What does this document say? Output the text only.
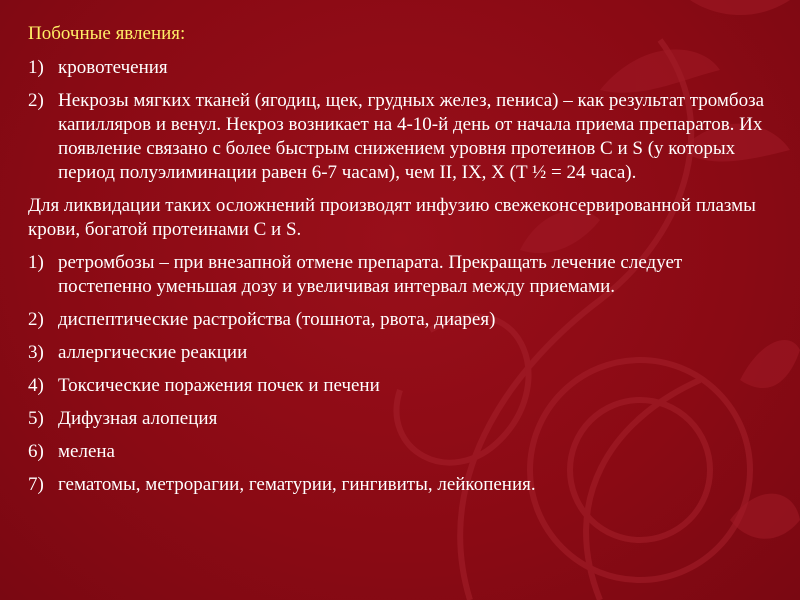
Побочные явления:
1) кровотечения
2) Некрозы мягких тканей (ягодиц, щек, грудных желез, пениса) – как результат тромбоза капилляров и венул. Некроз возникает на 4-10-й день от начала приема препаратов. Их появление связано с более быстрым снижением уровня протеинов С и S (у которых период полуэлиминации равен 6-7 часам), чем II, IX, X (T ½ = 24 часа).
Для ликвидации таких осложнений производят инфузию свежеконсервированной плазмы крови, богатой протеинами С и S.
1) ретромбозы – при внезапной отмене препарата. Прекращать лечение следует постепенно уменьшая дозу и увеличивая интервал между приемами.
2) диспептические растройства (тошнота, рвота, диарея)
3) аллергические реакции
4) Токсические поражения почек и печени
5) Дифузная алопеция
6) мелена
7) гематомы, метрорагии, гематурии, гингивиты, лейкопения.
